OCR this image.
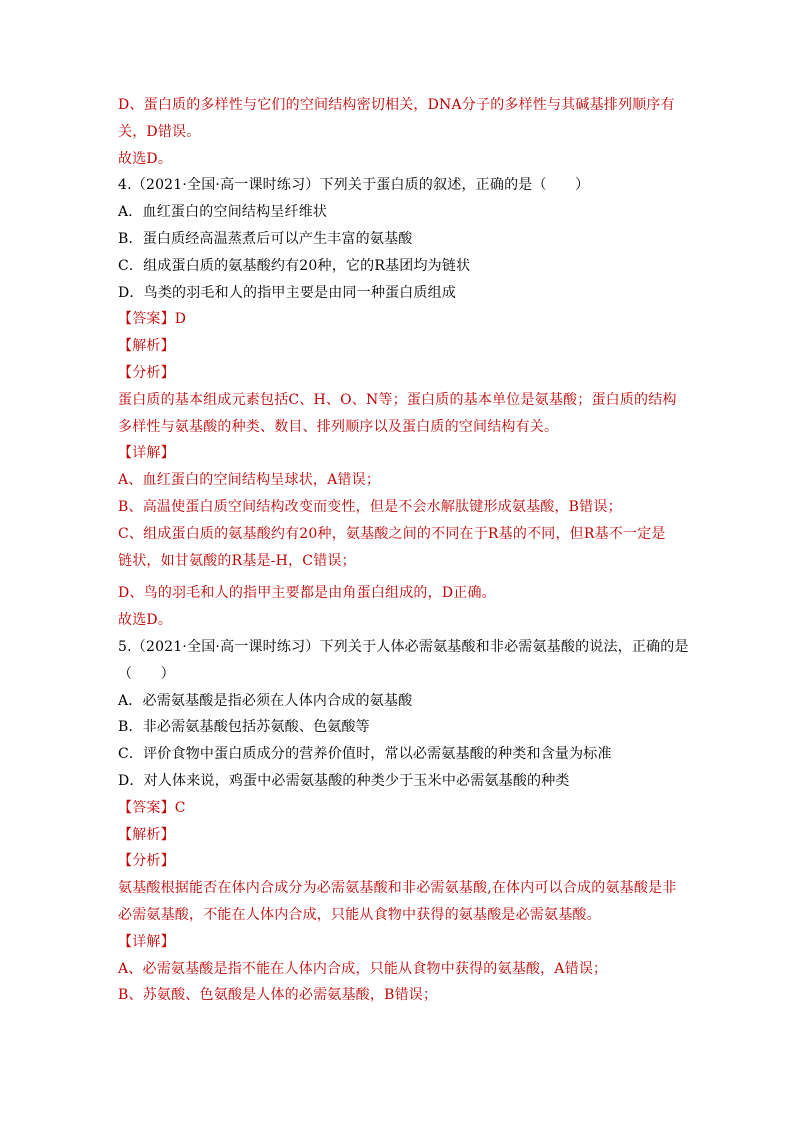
D、蛋白质的多样性与它们的空间结构密切相关，DNA分子的多样性与其碱基排列顺序有
关，D错误。
故选D。
4.（2021·全国·高一课时练习）下列关于蛋白质的叙述，正确的是（　　）
A．血红蛋白的空间结构呈纤维状
B．蛋白质经高温蒸煮后可以产生丰富的氨基酸
C．组成蛋白质的氨基酸约有20种，它的R基团均为链状
D．鸟类的羽毛和人的指甲主要是由同一种蛋白质组成
【答案】D
【解析】
【分析】
蛋白质的基本组成元素包括C、H、O、N等；蛋白质的基本单位是氨基酸；蛋白质的结构
多样性与氨基酸的种类、数目、排列顺序以及蛋白质的空间结构有关。
【详解】
A、血红蛋白的空间结构呈球状，A错误；
B、高温使蛋白质空间结构改变而变性，但是不会水解肽键形成氨基酸，B错误；
C、组成蛋白质的氨基酸约有20种，氨基酸之间的不同在于R基的不同，但R基不一定是
链状，如甘氨酸的R基是-H，C错误；
D、鸟的羽毛和人的指甲主要都是由角蛋白组成的，D正确。
故选D。
5.（2021·全国·高一课时练习）下列关于人体必需氨基酸和非必需氨基酸的说法，正确的是
（　　）
A．必需氨基酸是指必须在人体内合成的氨基酸
B．非必需氨基酸包括苏氨酸、色氨酸等
C．评价食物中蛋白质成分的营养价值时，常以必需氨基酸的种类和含量为标准
D．对人体来说，鸡蛋中必需氨基酸的种类少于玉米中必需氨基酸的种类
【答案】C
【解析】
【分析】
氨基酸根据能否在体内合成分为必需氨基酸和非必需氨基酸,在体内可以合成的氨基酸是非
必需氨基酸，不能在人体内合成，只能从食物中获得的氨基酸是必需氨基酸。
【详解】
A、必需氨基酸是指不能在人体内合成，只能从食物中获得的氨基酸，A错误；
B、苏氨酸、色氨酸是人体的必需氨基酸，B错误；
